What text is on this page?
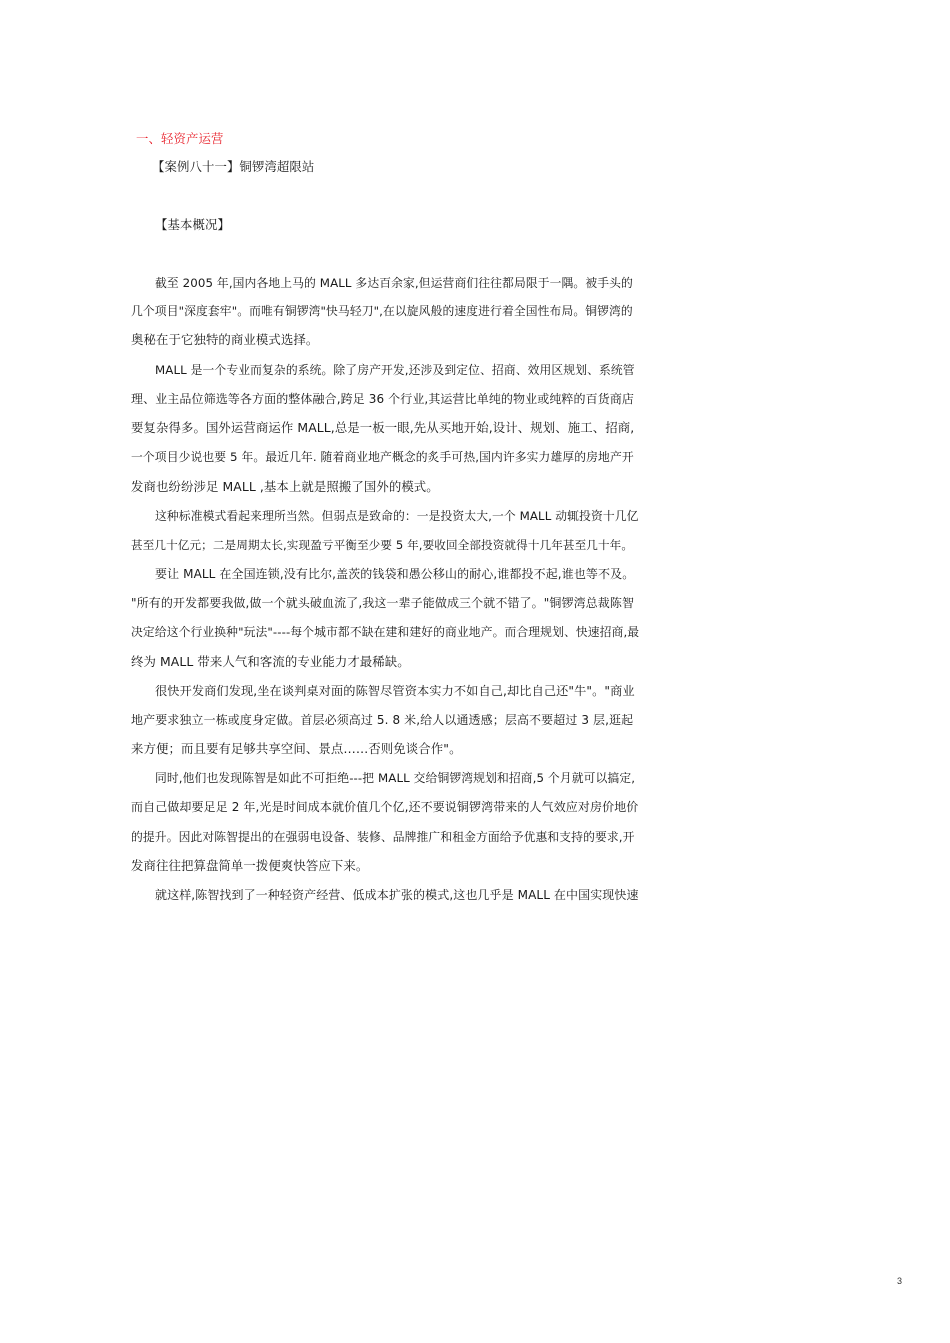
一、轻资产运营
【案例八十一】铜锣湾超限站
【基本概况】
截至 2005 年,国内各地上马的 MALL 多达百余家,但运营商们往往都局限于一隅。被手头的
几个项目"深度套牢"。而唯有铜锣湾"快马轻刀",在以旋风般的速度进行着全国性布局。铜锣湾的
奥秘在于它独特的商业模式选择。
MALL 是一个专业而复杂的系统。除了房产开发,还涉及到定位、招商、效用区规划、系统管
理、业主品位筛选等各方面的整体融合,跨足 36 个行业,其运营比单纯的物业或纯粹的百货商店
要复杂得多。国外运营商运作 MALL,总是一板一眼,先从买地开始,设计、规划、施工、招商,
一个项目少说也要 5 年。最近几年. 随着商业地产概念的炙手可热,国内许多实力雄厚的房地产开
发商也纷纷涉足 MALL ,基本上就是照搬了国外的模式。
这种标准模式看起来理所当然。但弱点是致命的：一是投资太大,一个 MALL 动辄投资十几亿
甚至几十亿元；二是周期太长,实现盈亏平衡至少要 5 年,要收回全部投资就得十几年甚至几十年。
要让 MALL 在全国连锁,没有比尔,盖茨的钱袋和愚公移山的耐心,谁都投不起,谁也等不及。
"所有的开发都要我做,做一个就头破血流了,我这一辈子能做成三个就不错了。"铜锣湾总裁陈智
决定给这个行业换种"玩法"----每个城市都不缺在建和建好的商业地产。而合理规划、快速招商,最
终为 MALL 带来人气和客流的专业能力才最稀缺。
很快开发商们发现,坐在谈判桌对面的陈智尽管资本实力不如自己,却比自己还"牛"。"商业
地产要求独立一栋或度身定做。首层必须高过 5. 8 米,给人以通透感；层高不要超过 3 层,逛起
来方便；而且要有足够共享空间、景点……否则免谈合作"。
同时,他们也发现陈智是如此不可拒绝---把 MALL 交给铜锣湾规划和招商,5 个月就可以搞定,
而自己做却要足足 2 年,光是时间成本就价值几个亿,还不要说铜锣湾带来的人气效应对房价地价
的提升。因此对陈智提出的在强弱电设备、装修、品牌推广和租金方面给予优惠和支持的要求,开
发商往往把算盘简单一拨便爽快答应下来。
就这样,陈智找到了一种轻资产经营、低成本扩张的模式,这也几乎是 MALL 在中国实现快速
3
